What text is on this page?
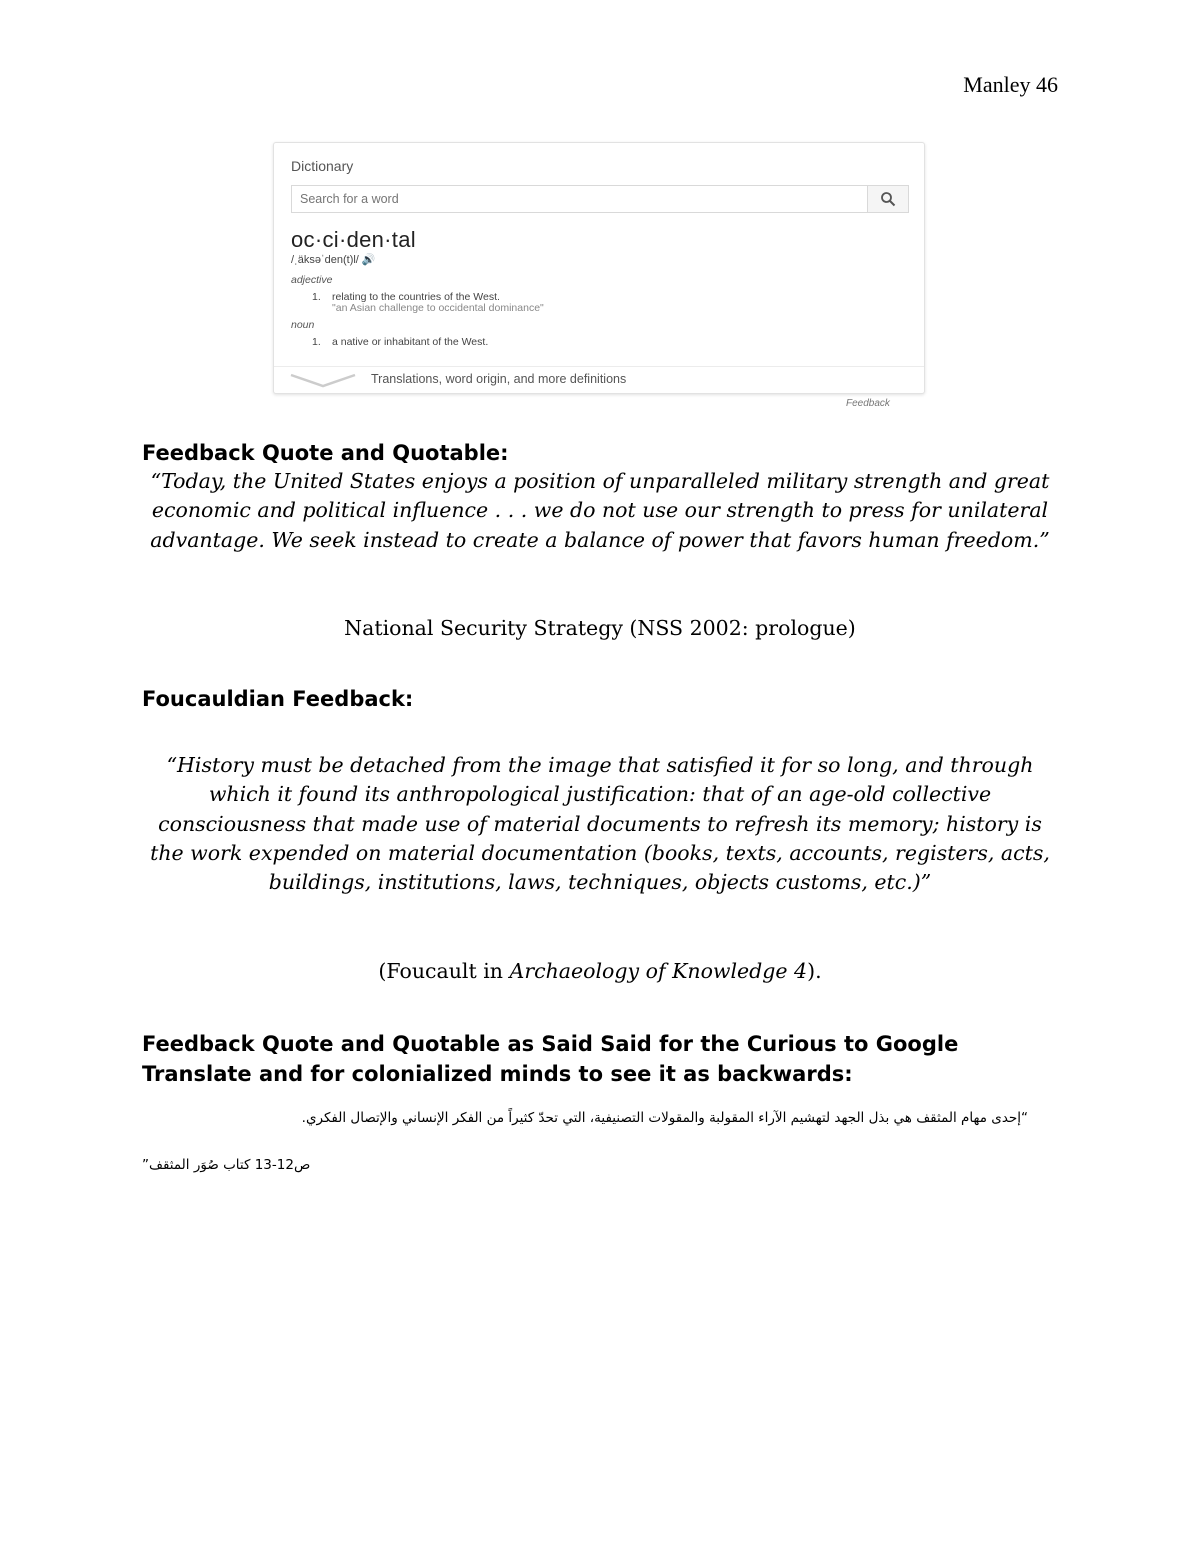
Manley 46
Dictionary
Search for a word
oc·ci·den·tal
/ˌäksəˈden(t)l/ 🔊
adjective
1. relating to the countries of the West.
"an Asian challenge to occidental dominance"
noun
1. a native or inhabitant of the West.
Translations, word origin, and more definitions
Feedback
Feedback Quote and Quotable:
“Today, the United States enjoys a position of unparalleled military strength and great economic and political influence . . . we do not use our strength to press for unilateral advantage. We seek instead to create a balance of power that favors human freedom.”
National Security Strategy (NSS 2002: prologue)
Foucauldian Feedback:
“History must be detached from the image that satisfied it for so long, and through which it found its anthropological justification: that of an age-old collective consciousness that made use of material documents to refresh its memory; history is the work expended on material documentation (books, texts, accounts, registers, acts, buildings, institutions, laws, techniques, objects customs, etc.)”
(Foucault in Archaeology of Knowledge 4).
Feedback Quote and Quotable as Said Said for the Curious to Google Translate and for colonialized minds to see it as backwards:
“إحدى مهام المثقف هي بذل الجهد لتهشيم الآراء المقولبة والمقولات التصنيفية، التي تحدّ كثيراً من الفكر الإنساني والإتصال الفكري.
ص12-13 كتاب صُوَر المثقف”
